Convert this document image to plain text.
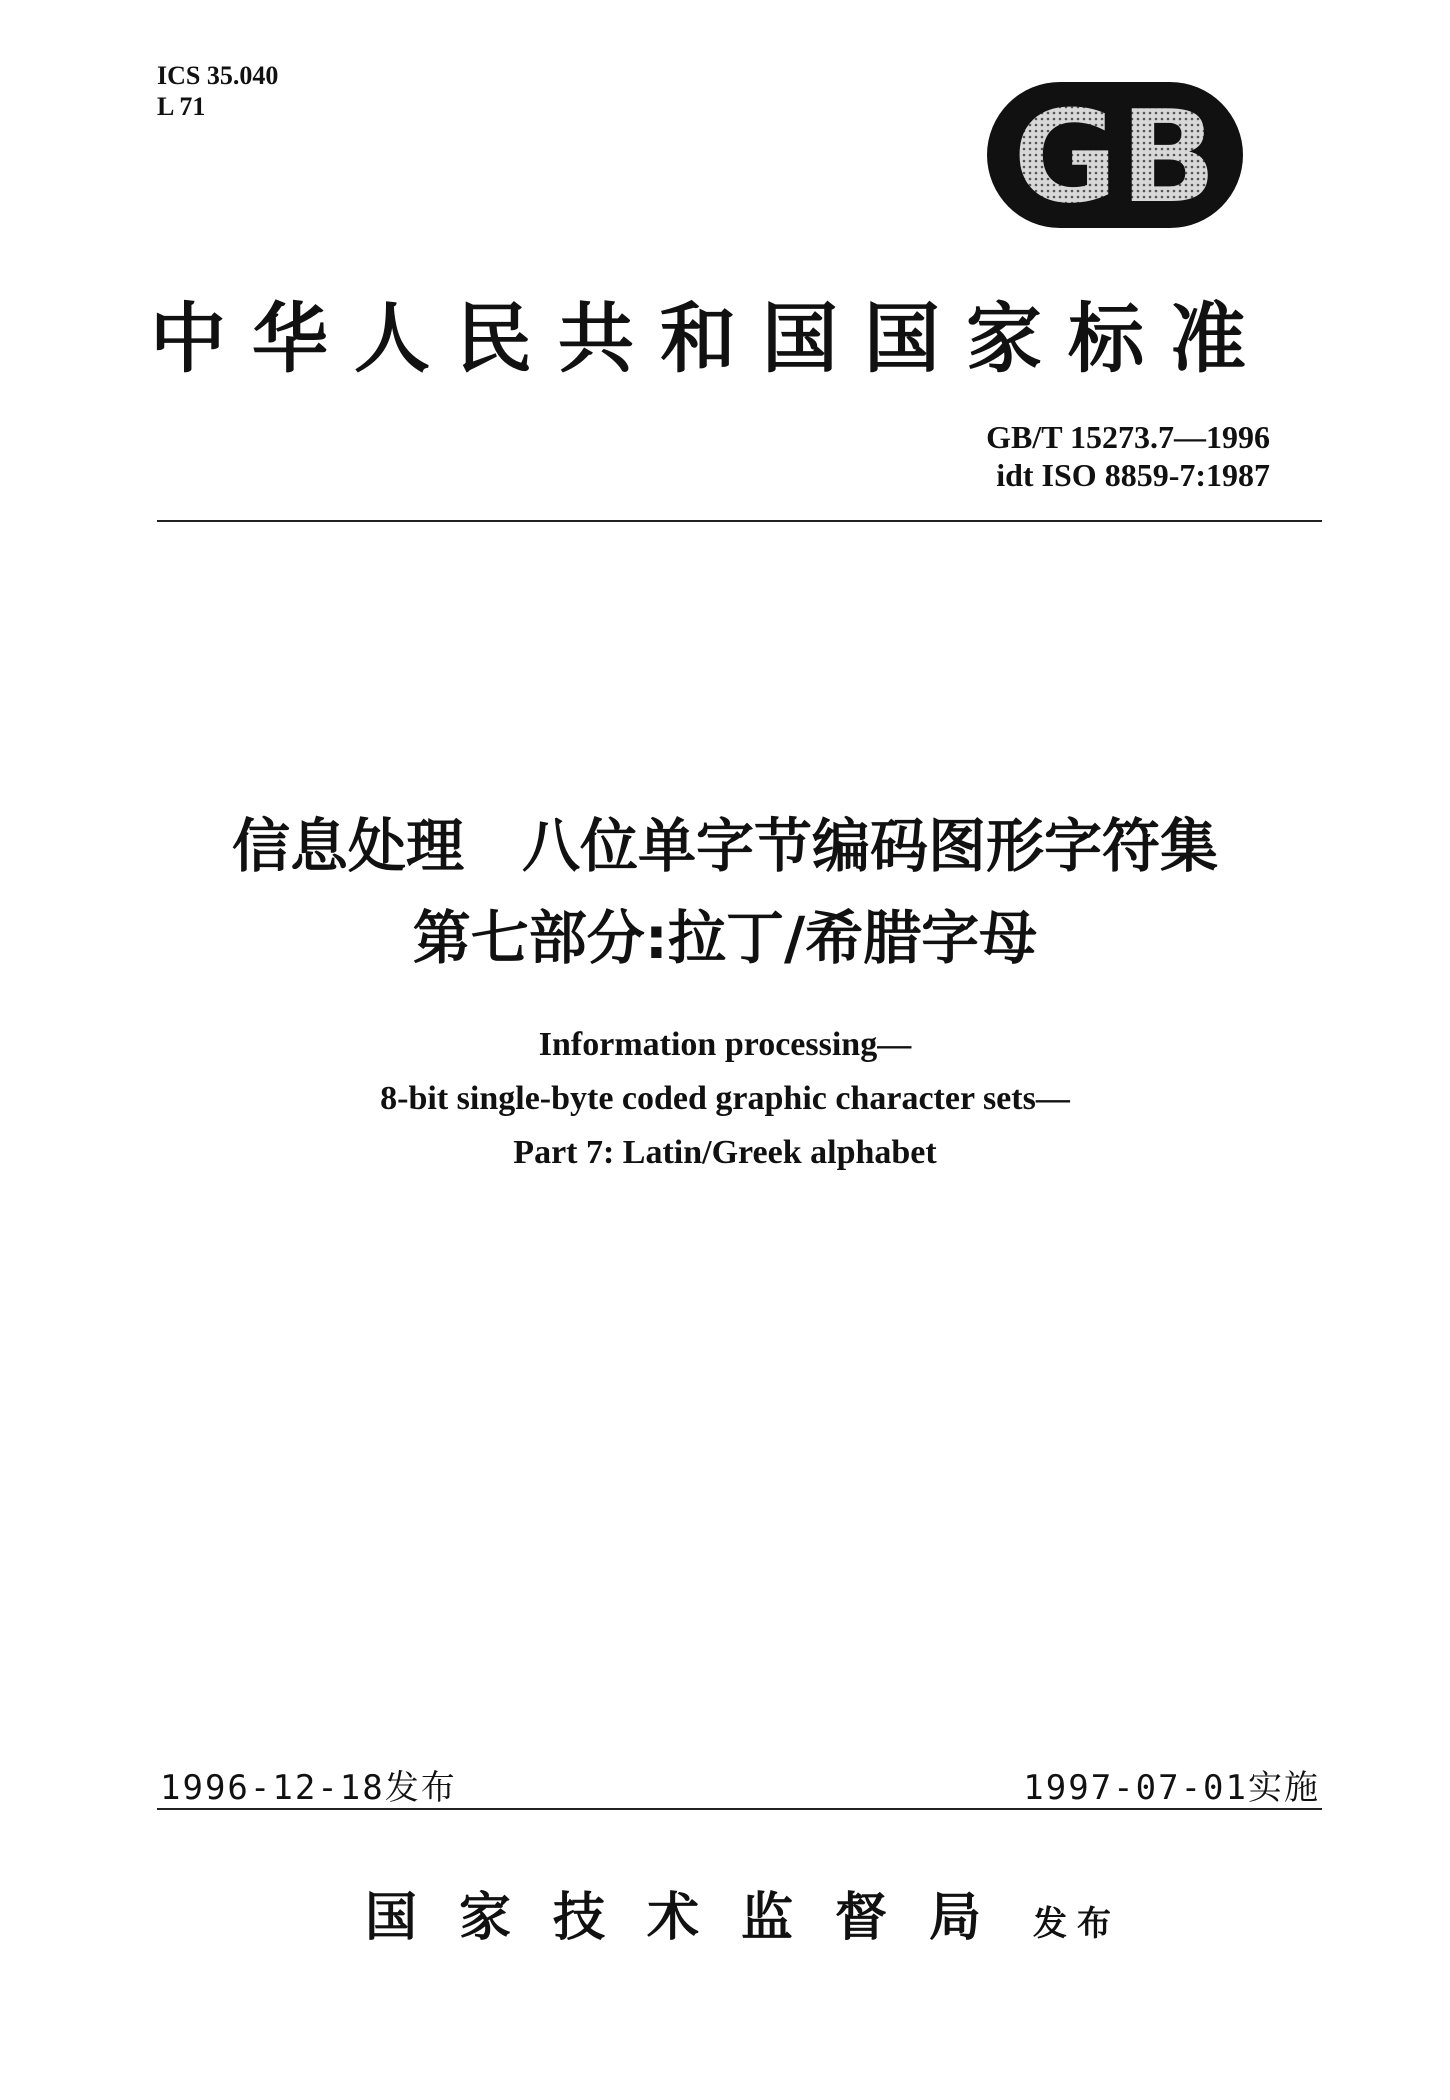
ICS 35.040
L 71	GB
中华人民共和国国家标准
GB/T 15273.7—1996
idt ISO 8859-7:1987
信息处理　八位单字节编码图形字符集
第七部分:拉丁/希腊字母
Information processing—
8-bit single-byte coded graphic character sets—
Part 7: Latin/Greek alphabet
1996-12-18发布	1997-07-01实施
国家技术监督局 发布
